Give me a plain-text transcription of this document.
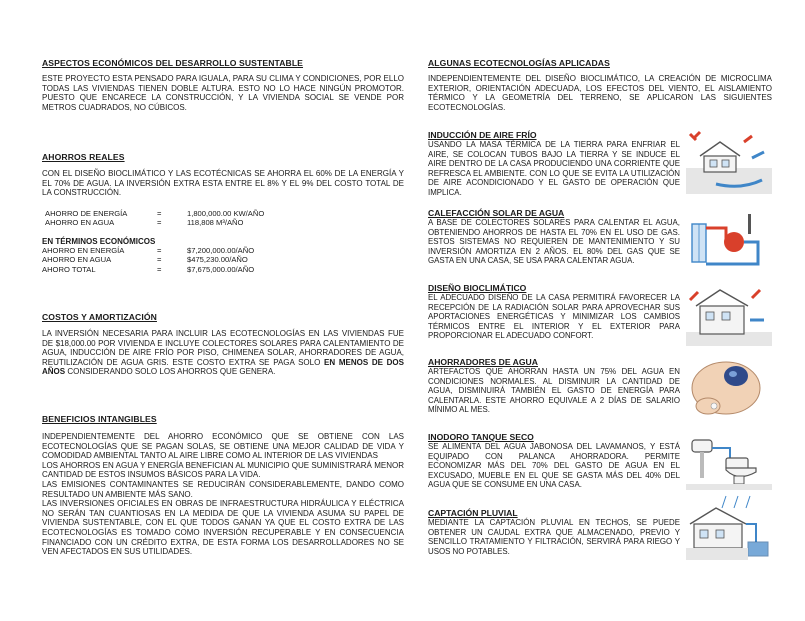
ASPECTOS ECONÓMICOS DEL DESARROLLO SUSTENTABLE

ESTE PROYECTO ESTA PENSADO PARA IGUALA, PARA SU CLIMA Y CONDICIONES, POR ELLO TODAS LAS VIVIENDAS TIENEN DOBLE ALTURA. ESTO NO LO HACE NINGÚN PROMOTOR. PUESTO QUE ENCARECE LA CONSTRUCCIÓN, Y LA VIVIENDA SOCIAL SE VENDE POR METROS CUADRADOS, NO CÚBICOS.

AHORROS REALES

CON EL DISEÑO BIOCLIMÁTICO Y LAS ECOTÉCNICAS SE AHORRA EL 60% DE LA ENERGÍA Y EL 70% DE AGUA. LA INVERSIÓN EXTRA ESTA ENTRE EL 8% Y EL 9% DEL COSTO TOTAL DE LA CONSTRUCCIÓN.

AHORRO DE ENERGÍA	=	1,800,000.00 KW/AÑO
AHORRO EN AGUA	=	118,808 M³/AÑO
EN TÉRMINOS ECONÓMICOS
AHORRO EN ENERGÍA	=	$7,200,000.00/AÑO
AHORRO EN AGUA	=	$475,230.00/AÑO
AHORO TOTAL	=	$7,675,000.00/AÑO
COSTOS Y AMORTIZACIÓN

LA INVERSIÓN NECESARIA PARA INCLUIR LAS ECOTECNOLOGÍAS EN LAS VIVIENDAS FUE DE $18,000.00 POR VIVIENDA E INCLUYE COLECTORES SOLARES PARA CALENTAMIENTO DE AGUA, INDUCCIÓN DE AIRE FRÍO POR PISO, CHIMENEA SOLAR, AHORRADORES DE AGUA, REUTILIZACIÓN DE AGUA GRIS. ESTE COSTO EXTRA SE PAGA SOLO EN MENOS DE DOS AÑOS CONSIDERANDO SOLO LOS AHORROS QUE GENERA.

BENEFICIOS INTANGIBLES

INDEPENDIENTEMENTE DEL AHORRO ECONÓMICO QUE SE OBTIENE CON LAS ECOTECNOLOGÍAS QUE SE PAGAN SOLAS, SE OBTIENE UNA MEJOR CALIDAD DE VIDA Y COMODIDAD AMBIENTAL TANTO AL AIRE LIBRE COMO AL INTERIOR DE LAS VIVIENDAS

LOS AHORROS EN AGUA Y ENERGÍA BENEFICIAN AL MUNICIPIO QUE SUMINISTRARÁ MENOR CANTIDAD DE ESTOS INSUMOS BÁSICOS PARA LA VIDA.

LAS EMISIONES CONTAMINANTES SE REDUCIRÁN CONSIDERABLEMENTE, DANDO COMO RESULTADO UN AMBIENTE MÁS SANO.

LAS INVERSIONES OFICIALES EN OBRAS DE INFRAESTRUCTURA HIDRÁULICA Y ELÉCTRICA NO SERÁN TAN CUANTIOSAS EN LA MEDIDA DE QUE LA VIVIENDA ASUMA SU PAPEL DE VIVIENDA SUSTENTABLE, CON EL QUE TODOS GANAN YA QUE EL COSTO EXTRA DE LAS ECOTECNOLOGÍAS ES TOMADO COMO INVERSIÓN RECUPERABLE Y EN CONSECUENCIA FINANCIADO CON UN CRÉDITO EXTRA, DE ESTA FORMA LOS DESARROLLADORES NO SE VEN AFECTADOS EN SUS UTILIDADES.

ALGUNAS ECOTECNOLOGÍAS APLICADAS

INDEPENDIENTEMENTE DEL DISEÑO BIOCLIMÁTICO, LA CREACIÓN DE MICROCLIMA EXTERIOR, ORIENTACIÓN ADECUADA, LOS EFECTOS DEL VIENTO, EL AISLAMIENTO TÉRMICO Y LA GEOMETRÍA DEL TERRENO, SE APLICARON LAS SIGUIENTES ECOTECNOLOGÍAS.

INDUCCIÓN DE AIRE FRÍO

USANDO LA MASA TÉRMICA DE LA TIERRA PARA ENFRIAR EL AIRE, SE COLOCAN TUBOS BAJO LA TIERRA Y SE INDUCE EL AIRE DENTRO DE LA CASA PRODUCIENDO UNA CORRIENTE QUE REFRESCA EL AMBIENTE. CON LO QUE SE EVITA LA UTILIZACIÓN DE AIRE ACONDICIONADO Y EL GASTO DE OPERACIÓN QUE IMPLICA.

CALEFACCIÓN SOLAR DE AGUA

A BASE DE COLECTORES SOLARES PARA CALENTAR EL AGUA, OBTENIENDO AHORROS DE HASTA EL 70% EN EL USO DE GAS. ESTOS SISTEMAS NO REQUIEREN DE MANTENIMIENTO Y SU INVERSIÓN AMORTIZA EN 2 AÑOS. EL 80% DEL GAS QUE SE GASTA EN UNA CASA, SE USA PARA CALENTAR AGUA.

DISEÑO BIOCLIMÁTICO

EL ADECUADO DISEÑO DE LA CASA PERMITIRÁ FAVORECER LA RECEPCIÓN DE LA RADIACIÓN SOLAR PARA APROVECHAR SUS APORTACIONES ENERGÉTICAS Y MINIMIZAR LOS CAMBIOS TÉRMICOS ENTRE EL INTERIOR Y EL EXTERIOR PARA PROPORCIONAR EL ADECUADO CONFORT.

AHORRADORES DE AGUA

ARTEFACTOS QUE AHORRAN HASTA UN 75% DEL AGUA EN CONDICIONES NORMALES. AL DISMINUIR LA CANTIDAD DE AGUA, DISMINUIRÁ TAMBIÉN EL GASTO DE ENERGÍA PARA CALENTARLA. ESTE AHORRO EQUIVALE A 2 DÍAS DE SALARIO MÍNIMO AL MES.

INODORO TANQUE SECO

SE ALIMENTA DEL AGUA JABONOSA DEL LAVAMANOS, Y ESTÁ EQUIPADO CON PALANCA AHORRADORA. PERMITE ECONOMIZAR MÁS DEL 70% DEL GASTO DE AGUA EN EL EXCUSADO, MUEBLE EN EL QUE SE GASTA MÁS DEL 40% DEL AGUA QUE SE CONSUME EN UNA CASA.

CAPTACIÓN PLUVIAL

MEDIANTE LA CAPTACIÓN PLUVIAL EN TECHOS, SE PUEDE OBTENER UN CAUDAL EXTRA QUE ALMACENADO, PREVIO Y SENCILLO TRATAMIENTO Y FILTRACIÓN, SERVIRÁ PARA RIEGO Y USOS NO POTABLES.
